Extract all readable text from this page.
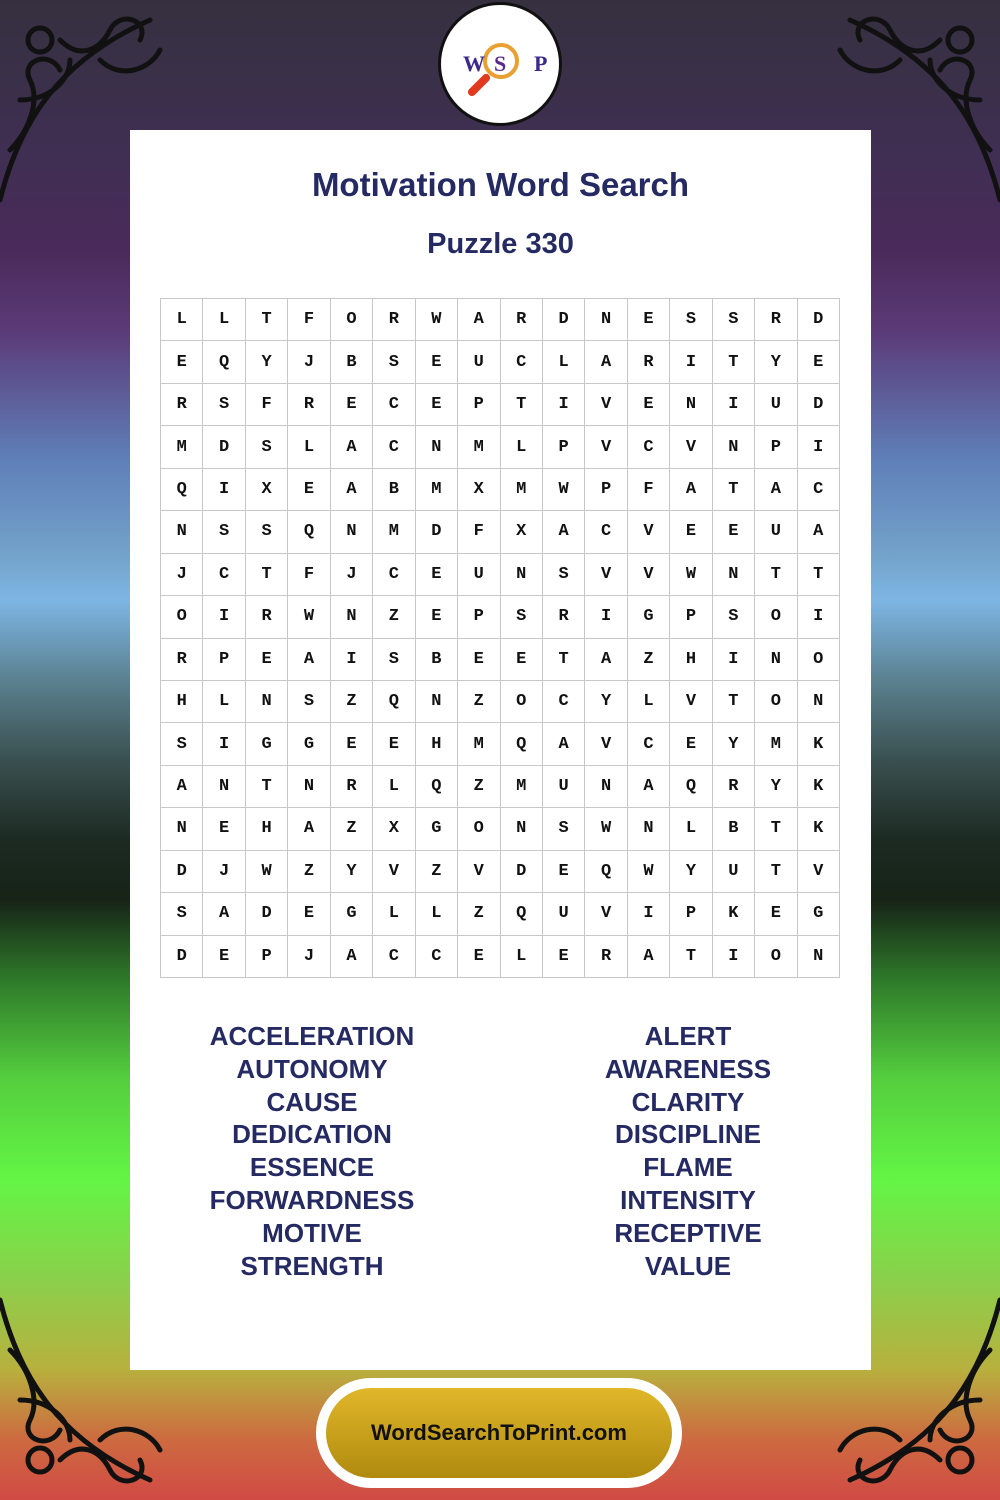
W S P
Motivation Word Search
Puzzle 330
L	L	T	F	O	R	W	A	R	D	N	E	S	S	R	D
E	Q	Y	J	B	S	E	U	C	L	A	R	I	T	Y	E
R	S	F	R	E	C	E	P	T	I	V	E	N	I	U	D
M	D	S	L	A	C	N	M	L	P	V	C	V	N	P	I
Q	I	X	E	A	B	M	X	M	W	P	F	A	T	A	C
N	S	S	Q	N	M	D	F	X	A	C	V	E	E	U	A
J	C	T	F	J	C	E	U	N	S	V	V	W	N	T	T
O	I	R	W	N	Z	E	P	S	R	I	G	P	S	O	I
R	P	E	A	I	S	B	E	E	T	A	Z	H	I	N	O
H	L	N	S	Z	Q	N	Z	O	C	Y	L	V	T	O	N
S	I	G	G	E	E	H	M	Q	A	V	C	E	Y	M	K
A	N	T	N	R	L	Q	Z	M	U	N	A	Q	R	Y	K
N	E	H	A	Z	X	G	O	N	S	W	N	L	B	T	K
D	J	W	Z	Y	V	Z	V	D	E	Q	W	Y	U	T	V
S	A	D	E	G	L	L	Z	Q	U	V	I	P	K	E	G
D	E	P	J	A	C	C	E	L	E	R	A	T	I	O	N
ACCELERATION
AUTONOMY
CAUSE
DEDICATION
ESSENCE
FORWARDNESS
MOTIVE
STRENGTH
ALERT
AWARENESS
CLARITY
DISCIPLINE
FLAME
INTENSITY
RECEPTIVE
VALUE
WordSearchToPrint.com
